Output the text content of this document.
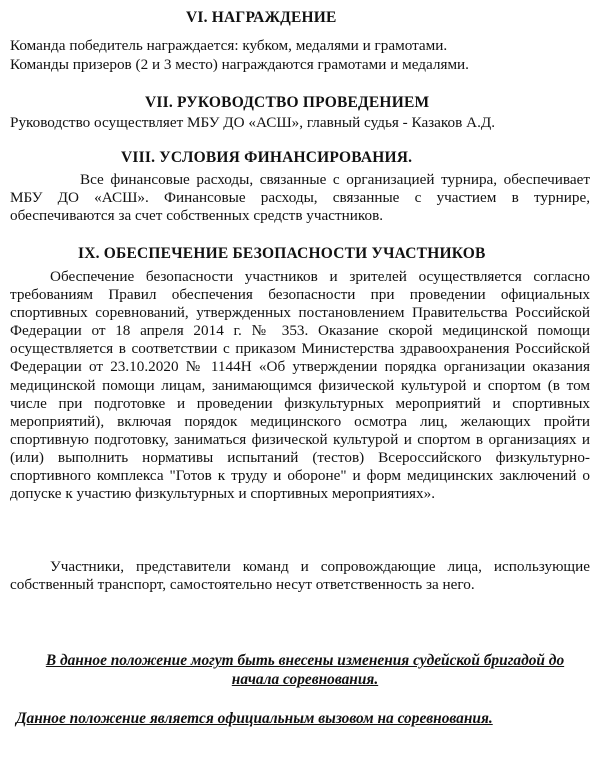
VI. НАГРАЖДЕНИЕ
Команда победитель награждается: кубком, медалями и грамотами.
Команды призеров (2 и 3 место) награждаются грамотами и медалями.
VII. РУКОВОДСТВО ПРОВЕДЕНИЕМ
Руководство осуществляет МБУ ДО «АСШ», главный судья - Казаков А.Д.
VIII. УСЛОВИЯ ФИНАНСИРОВАНИЯ.

Все финансовые расходы, связанные с организацией турнира, обеспечивает МБУ ДО «АСШ». Финансовые расходы, связанные с участием в турнире, обеспечиваются за счет собственных средств участников.

IX. ОБЕСПЕЧЕНИЕ БЕЗОПАСНОСТИ УЧАСТНИКОВ

Обеспечение безопасности участников и зрителей осуществляется согласно требованиям Правил обеспечения безопасности при проведении официальных спортивных соревнований, утвержденных постановлением Правительства Российской Федерации от 18 апреля 2014 г. № 353. Оказание скорой медицинской помощи осуществляется в соответствии с приказом Министерства здравоохранения Российской Федерации от 23.10.2020 № 1144Н «Об утверждении порядка организации оказания медицинской помощи лицам, занимающимся физической культурой и спортом (в том числе при подготовке и проведении физкультурных мероприятий и спортивных мероприятий), включая порядок медицинского осмотра лиц, желающих пройти спортивную подготовку, заниматься физической культурой и спортом в организациях и (или) выполнить нормативы испытаний (тестов) Всероссийского физкультурно-спортивного комплекса "Готов к труду и обороне" и форм медицинских заключений о допуске к участию физкультурных и спортивных мероприятиях».

Участники, представители команд и сопровождающие лица, использующие собственный транспорт, самостоятельно несут ответственность за него.

В данное положение могут быть внесены изменения судейской бригадой до начала соревнования.

Данное положение является официальным вызовом на соревнования.
